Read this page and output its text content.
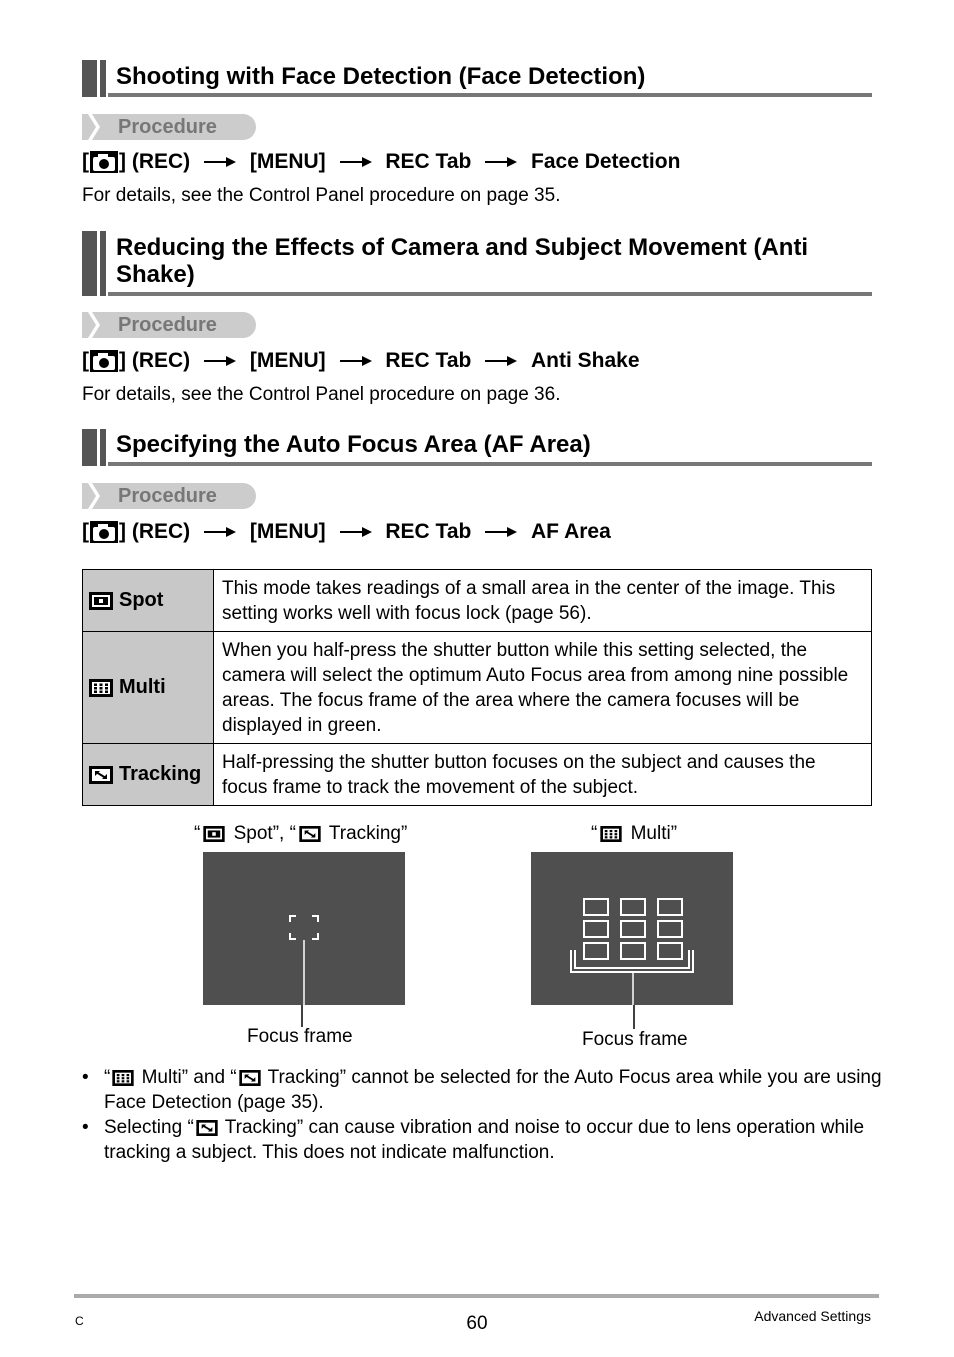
Shooting with Face Detection (Face Detection)
Procedure
[ ] (REC)	[MENU]	REC Tab	Face Detection
For details, see the Control Panel procedure on page 35.
Reducing the Effects of Camera and Subject Movement (Anti Shake)
Procedure
[ ] (REC)	[MENU]	REC Tab	Anti Shake
For details, see the Control Panel procedure on page 36.
Specifying the Auto Focus Area (AF Area)
Procedure
[ ] (REC)	[MENU]	REC Tab	AF Area
Spot	This mode takes readings of a small area in the center of the image. This setting works well with focus lock (page 56).
Multi	When you half-press the shutter button while this setting selected, the camera will select the optimum Auto Focus area from among nine possible areas. The focus frame of the area where the camera focuses will be displayed in green.
Tracking	Half-pressing the shutter button focuses on the subject and causes the focus frame to track the movement of the subject.
“ Spot”, “ Tracking”	“ Multi”
Focus frame	Focus frame
• “ Multi” and “ Tracking” cannot be selected for the Auto Focus area while you are using Face Detection (page 35).
• Selecting “ Tracking” can cause vibration and noise to occur due to lens operation while tracking a subject. This does not indicate malfunction.
C	60	Advanced Settings
